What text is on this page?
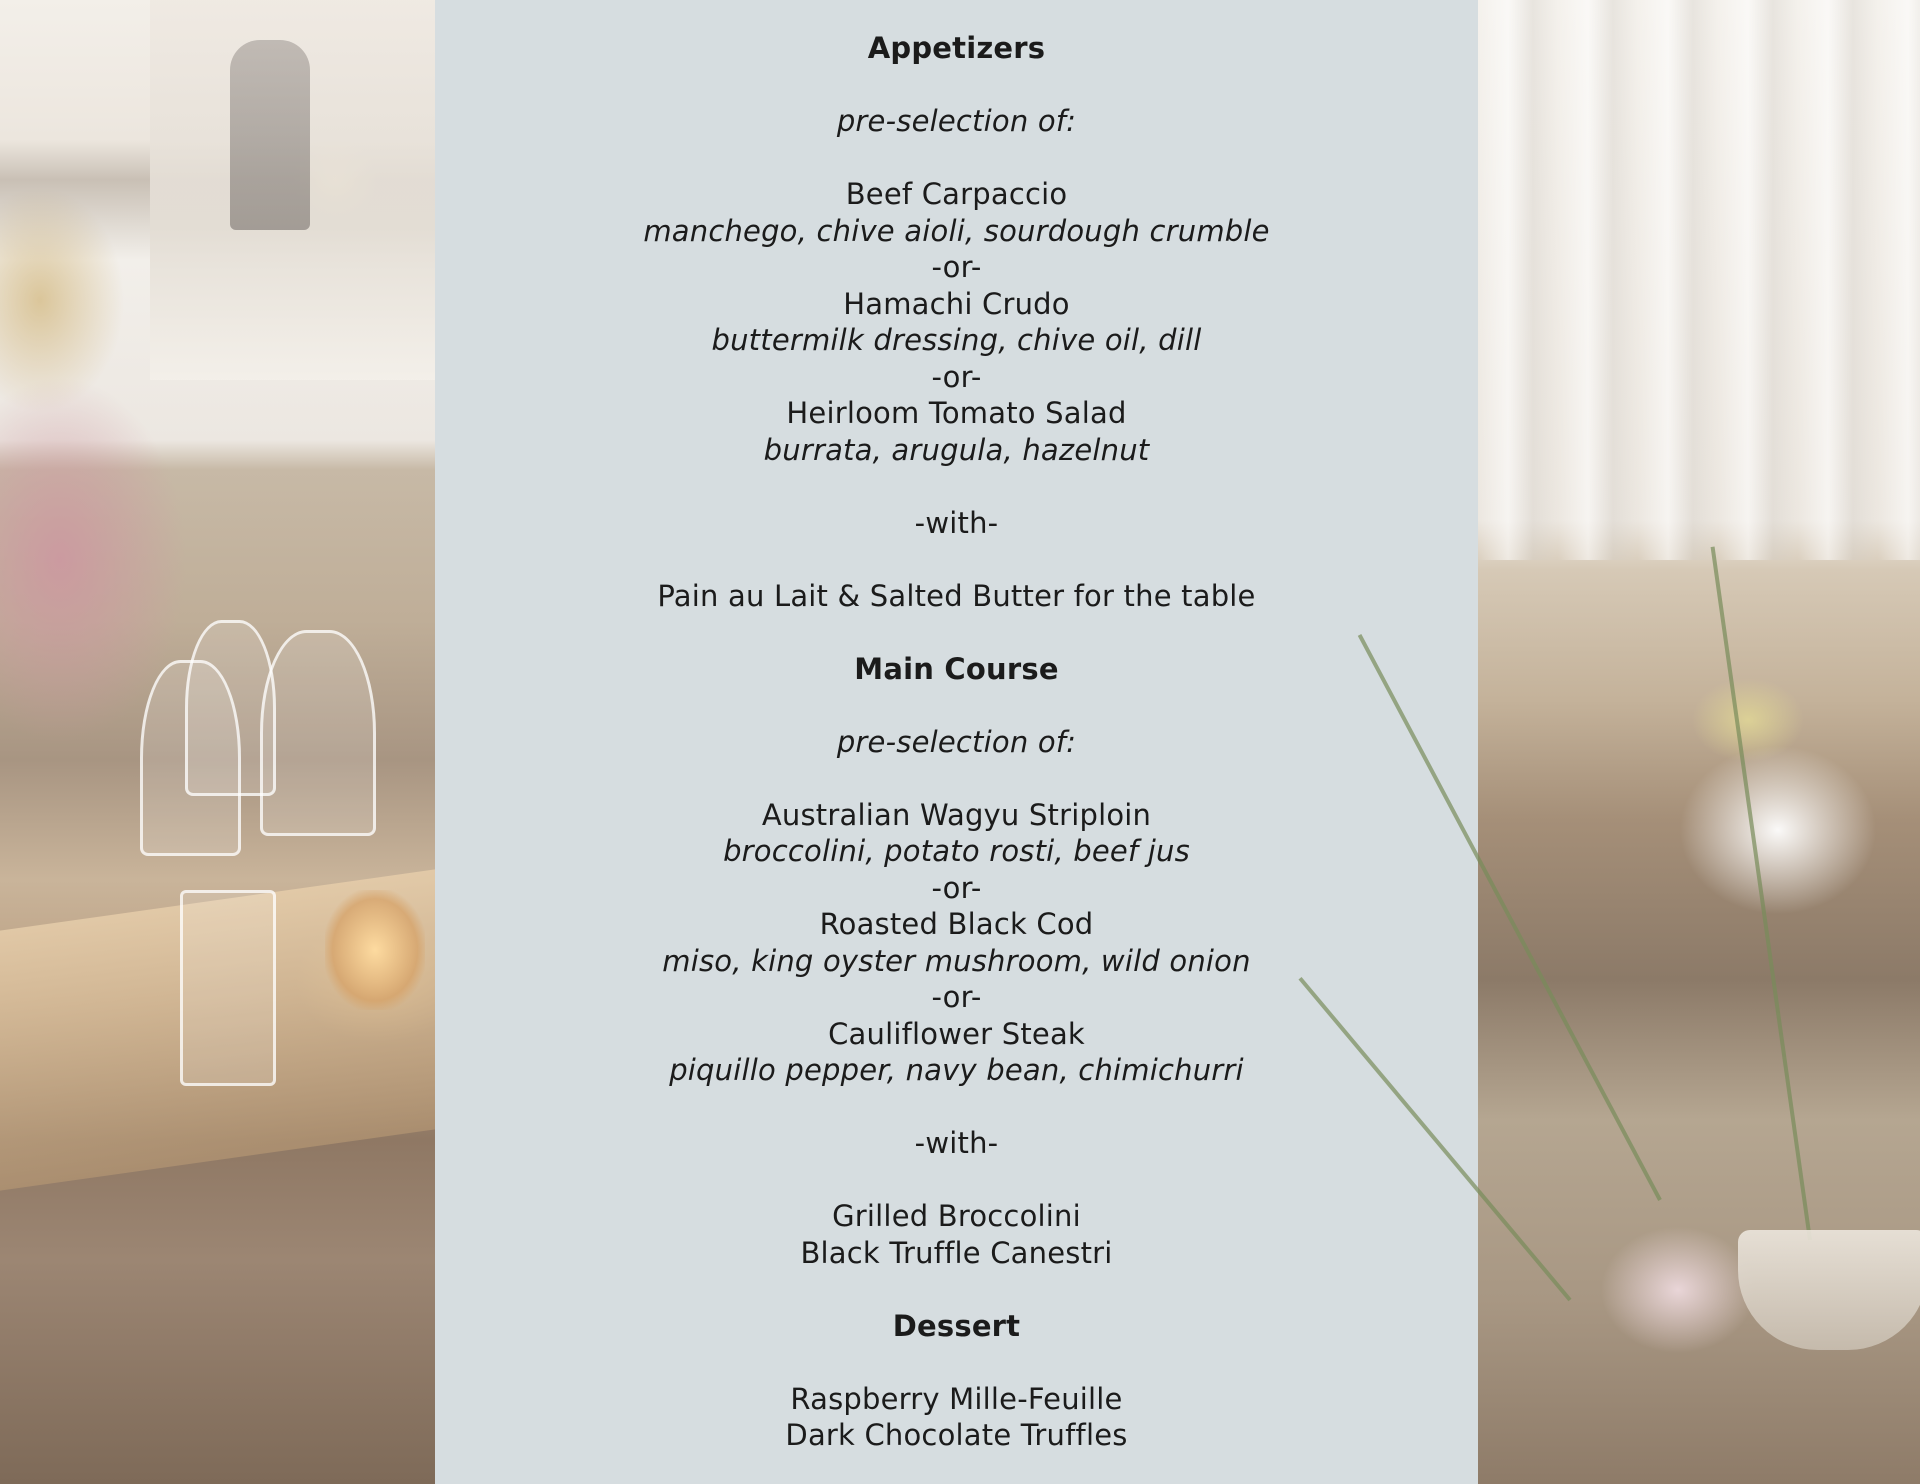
Appetizers
pre-selection of:
Beef Carpaccio
manchego, chive aioli, sourdough crumble
-or-
Hamachi Crudo
buttermilk dressing, chive oil, dill
-or-
Heirloom Tomato Salad
burrata, arugula, hazelnut
-with-
Pain au Lait & Salted Butter for the table
Main Course
pre-selection of:
Australian Wagyu Striploin
broccolini, potato rosti, beef jus
-or-
Roasted Black Cod
miso, king oyster mushroom, wild onion
-or-
Cauliflower Steak
piquillo pepper, navy bean, chimichurri
-with-
Grilled Broccolini
Black Truffle Canestri
Dessert
Raspberry Mille-Feuille
Dark Chocolate Truffles
